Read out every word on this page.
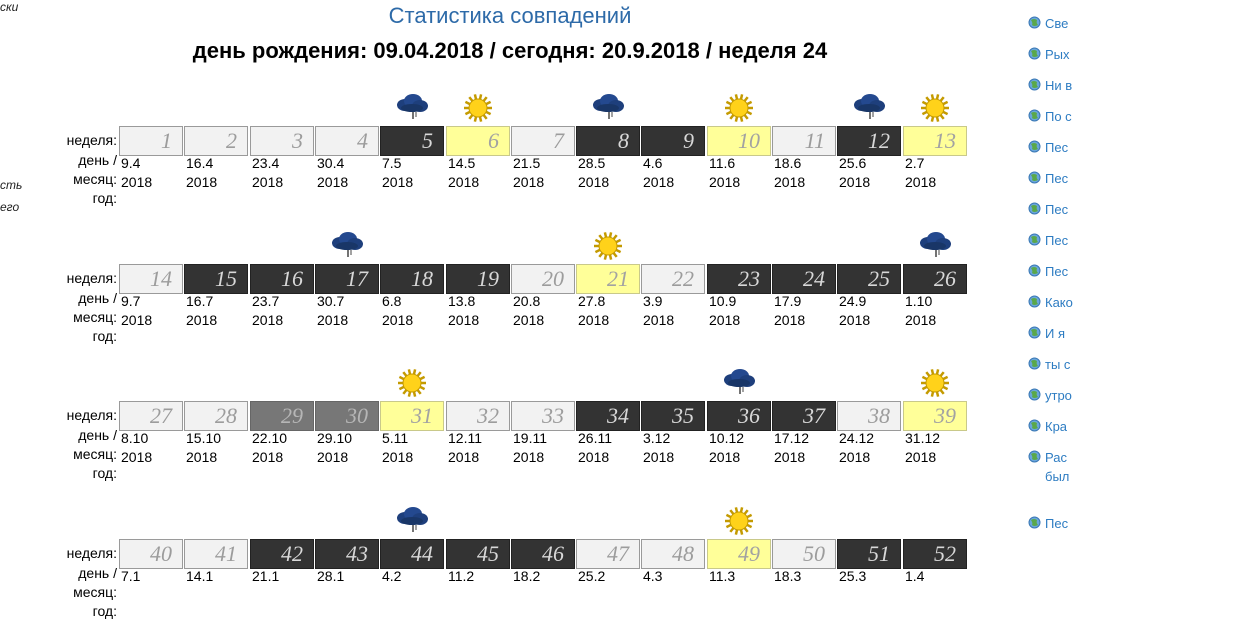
ски
сть
его
Статистика совпадений
день рождения: 09.04.2018 / сегодня: 20.9.2018 / неделя 24
неделя:
день /
месяц:
год:
1
9.4
2018
2
16.4
2018
3
23.4
2018
4
30.4
2018
5
7.5
2018
6
14.5
2018
7
21.5
2018
8
28.5
2018
9
4.6
2018
10
11.6
2018
11
18.6
2018
12
25.6
2018
13
2.7
2018
неделя:
день /
месяц:
год:
14
9.7
2018
15
16.7
2018
16
23.7
2018
17
30.7
2018
18
6.8
2018
19
13.8
2018
20
20.8
2018
21
27.8
2018
22
3.9
2018
23
10.9
2018
24
17.9
2018
25
24.9
2018
26
1.10
2018
неделя:
день /
месяц:
год:
27
8.10
2018
28
15.10
2018
29
22.10
2018
30
29.10
2018
31
5.11
2018
32
12.11
2018
33
19.11
2018
34
26.11
2018
35
3.12
2018
36
10.12
2018
37
17.12
2018
38
24.12
2018
39
31.12
2018
неделя:
день /
месяц:
год:
40
7.1
41
14.1
42
21.1
43
28.1
44
4.2
45
11.2
46
18.2
47
25.2
48
4.3
49
11.3
50
18.3
51
25.3
52
1.4
Све
Рых
Ни в
По с
Пес
Пес
Пес
Пес
Пес
Како
И я
ты с
утро
Кра
Рас
был
Пес
